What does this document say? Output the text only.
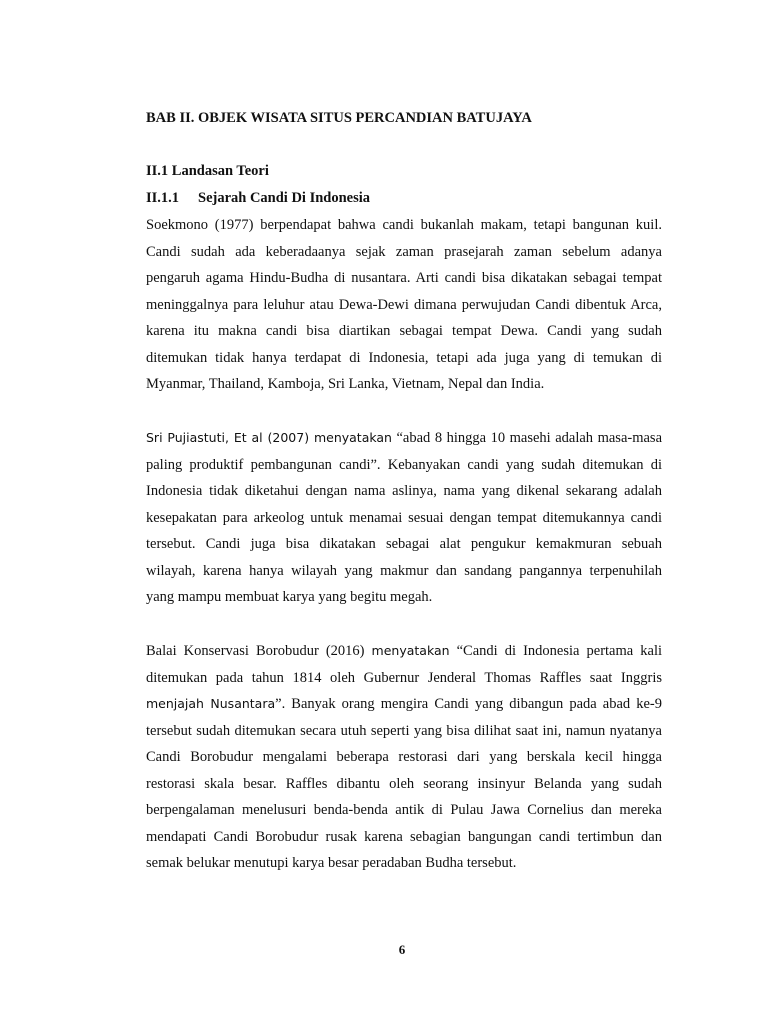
BAB II. OBJEK WISATA SITUS PERCANDIAN BATUJAYA
II.1 Landasan Teori
II.1.1 Sejarah Candi Di Indonesia

Soekmono (1977) berpendapat bahwa candi bukanlah makam, tetapi bangunan kuil.
Candi sudah ada keberadaanya sejak zaman prasejarah zaman sebelum adanya
pengaruh agama Hindu-Budha di nusantara. Arti candi bisa dikatakan sebagai tempat
meninggalnya para leluhur atau Dewa-Dewi dimana perwujudan Candi dibentuk Arca,
karena itu makna candi bisa diartikan sebagai tempat Dewa. Candi yang sudah
ditemukan tidak hanya terdapat di Indonesia, tetapi ada juga yang di temukan di
Myanmar, Thailand, Kamboja, Sri Lanka, Vietnam, Nepal dan India.

Sri Pujiastuti, Et al (2007) menyatakan “abad 8 hingga 10 masehi adalah masa-masa
paling produktif pembangunan candi”. Kebanyakan candi yang sudah ditemukan di
Indonesia tidak diketahui dengan nama aslinya, nama yang dikenal sekarang adalah
kesepakatan para arkeolog untuk menamai sesuai dengan tempat ditemukannya candi
tersebut. Candi juga bisa dikatakan sebagai alat pengukur kemakmuran sebuah
wilayah, karena hanya wilayah yang makmur dan sandang pangannya terpenuhilah
yang mampu membuat karya yang begitu megah.

Balai Konservasi Borobudur (2016) menyatakan “Candi di Indonesia pertama kali
ditemukan pada tahun 1814 oleh Gubernur Jenderal Thomas Raffles saat Inggris
menjajah Nusantara”. Banyak orang mengira Candi yang dibangun pada abad ke-9
tersebut sudah ditemukan secara utuh seperti yang bisa dilihat saat ini, namun nyatanya
Candi Borobudur mengalami beberapa restorasi dari yang berskala kecil hingga
restorasi skala besar. Raffles dibantu oleh seorang insinyur Belanda yang sudah
berpengalaman menelusuri benda-benda antik di Pulau Jawa Cornelius dan mereka
mendapati Candi Borobudur rusak karena sebagian bangungan candi tertimbun dan
semak belukar menutupi karya besar peradaban Budha tersebut.

6
